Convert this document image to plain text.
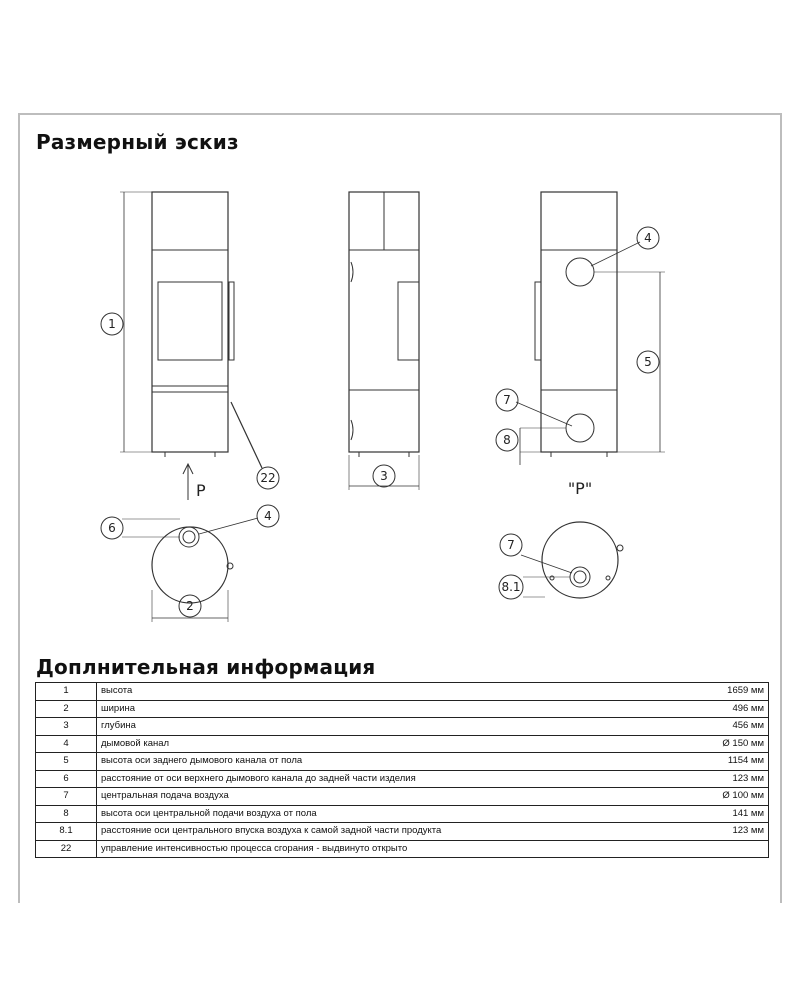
Размерный эскиз
1
22
P
6
4
2
3
4
5
7
8
"P"
7
8.1
Доплнительная информация
1	высота	1659 мм
2	ширина	496 мм
3	глубина	456 мм
4	дымовой канал	Ø 150 мм
5	высота оси заднего дымового канала от пола	1154 мм
6	расстояние от оси верхнего дымового канала до задней части изделия	123 мм
7	центральная подача воздуха	Ø 100 мм
8	высота оси центральной подачи воздуха от пола	141 мм
8.1	расстояние оси центрального впуска воздуха к самой задной части продукта	123 мм
22	управление интенсивностью процесса сгорания - выдвинуто открыто	
